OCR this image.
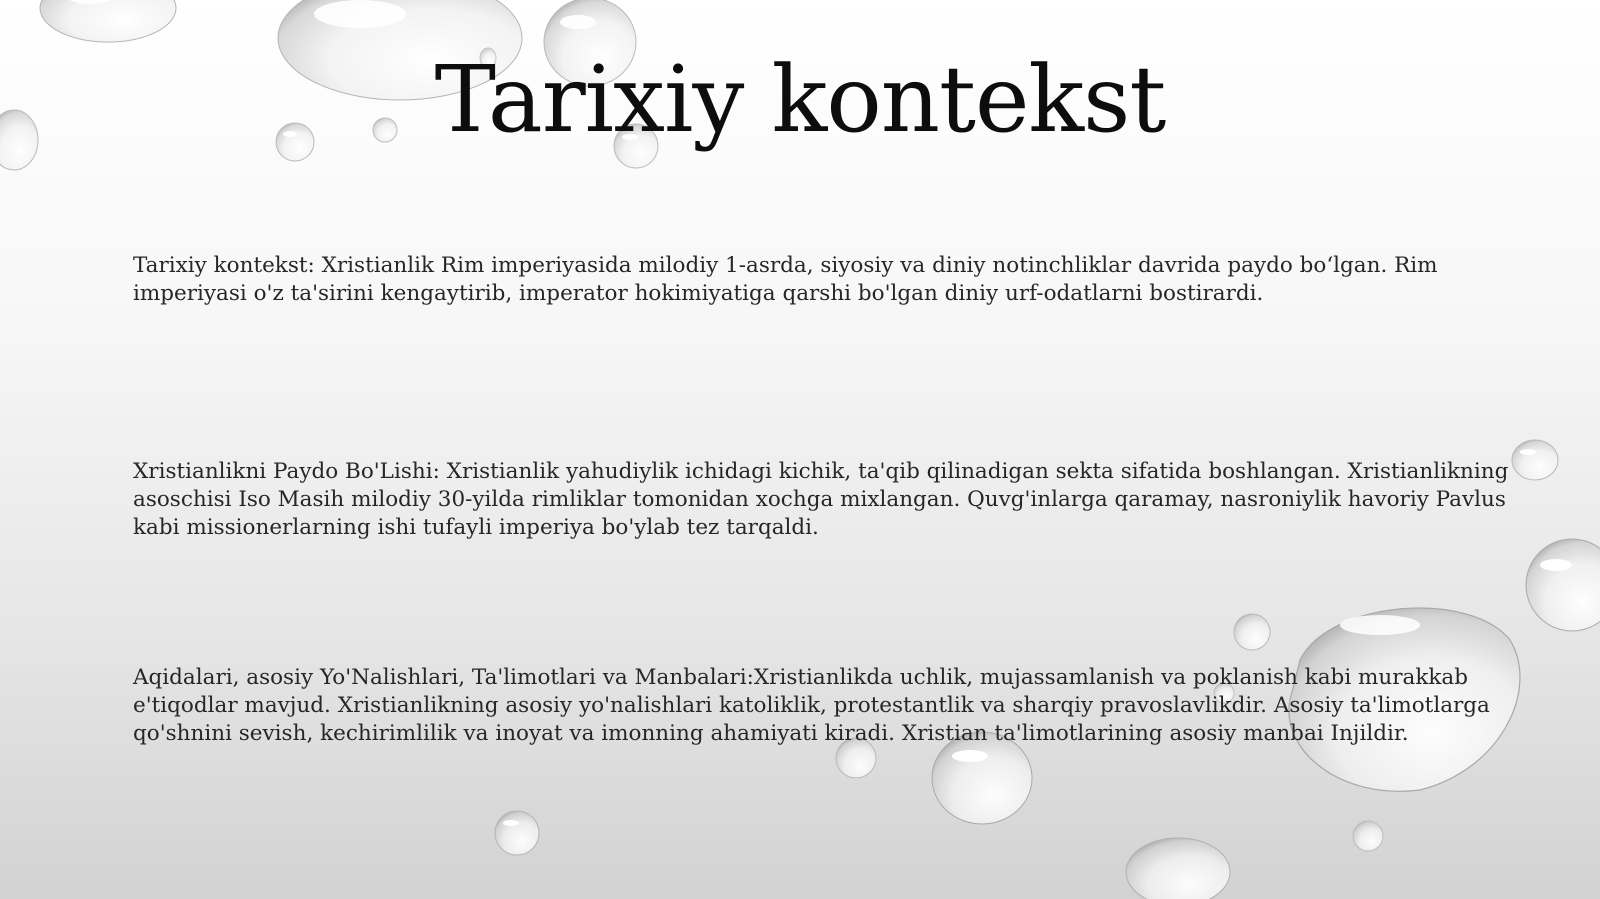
Tarixiy kontekst

Tarixiy kontekst: Xristianlik Rim imperiyasida milodiy 1-asrda, siyosiy va diniy notinchliklar davrida paydo bo‘lgan. Rim imperiyasi o'z ta'sirini kengaytirib, imperator hokimiyatiga qarshi bo'lgan diniy urf-odatlarni bostirardi.

Xristianlikni Paydo Bo'Lishi: Xristianlik yahudiylik ichidagi kichik, ta'qib qilinadigan sekta sifatida boshlangan. Xristianlikning asoschisi Iso Masih milodiy 30-yilda rimliklar tomonidan xochga mixlangan. Quvg'inlarga qaramay, nasroniylik havoriy Pavlus kabi missionerlarning ishi tufayli imperiya bo'ylab tez tarqaldi.

Aqidalari, asosiy Yo'Nalishlari, Ta'limotlari va Manbalari:Xristianlikda uchlik, mujassamlanish va poklanish kabi murakkab e'tiqodlar mavjud. Xristianlikning asosiy yo'nalishlari katoliklik, protestantlik va sharqiy pravoslavlikdir. Asosiy ta'limotlarga qo'shnini sevish, kechirimlilik va inoyat va imonning ahamiyati kiradi. Xristian ta'limotlarining asosiy manbai Injildir.
